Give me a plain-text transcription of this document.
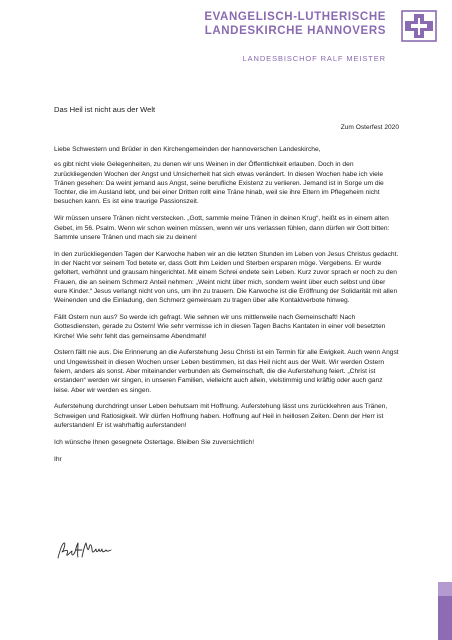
EVANGELISCH-LUTHERISCHE
LANDESKIRCHE HANNOVERS
LANDESBISCHOF RALF MEISTER
Das Heil ist nicht aus der Welt

Zum Osterfest 2020

Liebe Schwestern und Brüder in den Kirchengemeinden der hannoverschen Landeskirche,

es gibt nicht viele Gelegenheiten, zu denen wir uns Weinen in der Öffentlichkeit erlauben. Doch in den zurückliegenden Wochen der Angst und Unsicherheit hat sich etwas verändert. In diesen Wochen habe ich viele Tränen gesehen: Da weint jemand aus Angst, seine berufliche Existenz zu verlieren. Jemand ist in Sorge um die Tochter, die im Ausland lebt, und bei einer Dritten rollt eine Träne hinab, weil sie ihre Eltern im Pflegeheim nicht besuchen kann. Es ist eine traurige Passionszeit.

Wir müssen unsere Tränen nicht verstecken. „Gott, sammle meine Tränen in deinen Krug“, heißt es in einem alten Gebet, im 56. Psalm. Wenn wir schon weinen müssen, wenn wir uns verlassen fühlen, dann dürfen wir Gott bitten: Sammle unsere Tränen und mach sie zu deinen!

In den zurückliegenden Tagen der Karwoche haben wir an die letzten Stunden im Leben von Jesus Christus gedacht. In der Nacht vor seinem Tod betete er, dass Gott ihm Leiden und Sterben ersparen möge. Vergebens. Er wurde gefoltert, verhöhnt und grausam hingerichtet. Mit einem Schrei endete sein Leben. Kurz zuvor sprach er noch zu den Frauen, die an seinem Schmerz Anteil nehmen: „Weint nicht über mich, sondern weint über euch selbst und über eure Kinder.“ Jesus verlangt nicht von uns, um ihn zu trauern. Die Karwoche ist die Eröffnung der Solidarität mit allen Weinenden und die Einladung, den Schmerz gemeinsam zu tragen über alle Kontaktverbote hinweg.

Fällt Ostern nun aus? So werde ich gefragt. Wie sehnen wir uns mittlerweile nach Gemeinschaft! Nach Gottesdiensten, gerade zu Ostern! Wie sehr vermisse ich in diesen Tagen Bachs Kantaten in einer voll besetzten Kirche! Wie sehr fehlt das gemeinsame Abendmahl!

Ostern fällt nie aus. Die Erinnerung an die Auferstehung Jesu Christi ist ein Termin für alle Ewigkeit. Auch wenn Angst und Ungewissheit in diesen Wochen unser Leben bestimmen, ist das Heil nicht aus der Welt. Wir werden Ostern feiern, anders als sonst. Aber miteinander verbunden als Gemeinschaft, die die Auferstehung feiert. „Christ ist erstanden“ werden wir singen, in unseren Familien, vielleicht auch allein, vielstimmig und kräftig oder auch ganz leise. Aber wir werden es singen.

Auferstehung durchdringt unser Leben behutsam mit Hoffnung. Auferstehung lässt uns zurückkehren aus Tränen, Schweigen und Ratlosigkeit. Wir dürfen Hoffnung haben. Hoffnung auf Heil in heillosen Zeiten. Denn der Herr ist auferstanden! Er ist wahrhaftig auferstanden!

Ich wünsche Ihnen gesegnete Ostertage. Bleiben Sie zuversichtlich!

Ihr
